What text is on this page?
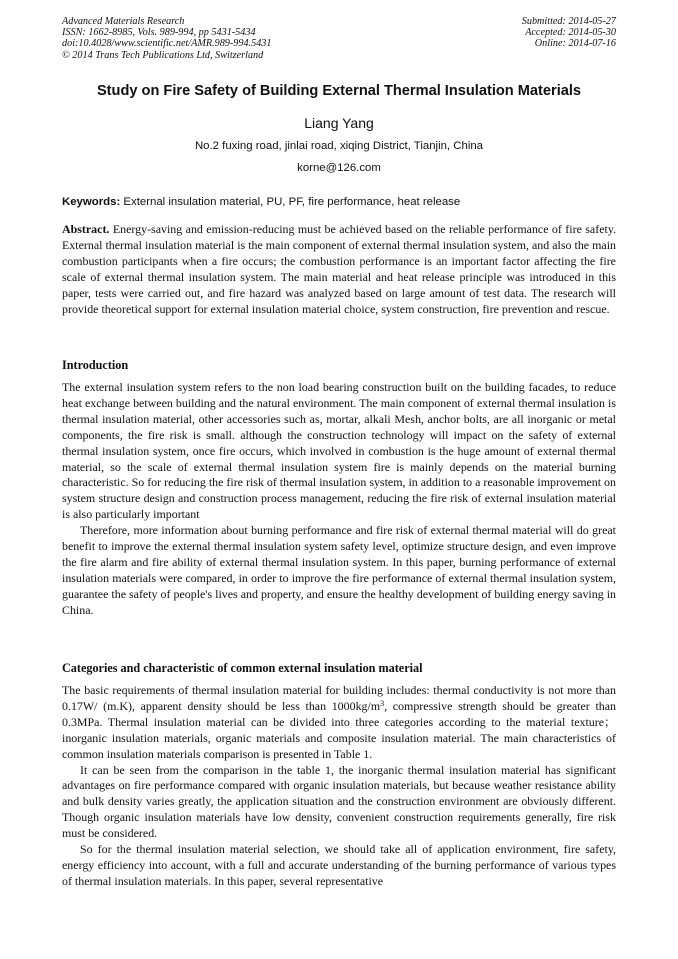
Advanced Materials Research
ISSN: 1662-8985, Vols. 989-994, pp 5431-5434
doi:10.4028/www.scientific.net/AMR.989-994.5431
© 2014 Trans Tech Publications Ltd, Switzerland
Submitted: 2014-05-27
Accepted: 2014-05-30
Online: 2014-07-16
Study on Fire Safety of Building External Thermal Insulation Materials
Liang Yang
No.2 fuxing road, jinlai road, xiqing District, Tianjin, China
korne@126.com
Keywords: External insulation material, PU, PF, fire performance, heat release

Abstract. Energy-saving and emission-reducing must be achieved based on the reliable performance of fire safety. External thermal insulation material is the main component of external thermal insulation system, and also the main combustion participants when a fire occurs; the combustion performance is an important factor affecting the fire scale of external thermal insulation system. The main material and heat release principle was introduced in this paper, tests were carried out, and fire hazard was analyzed based on large amount of test data. The research will provide theoretical support for external insulation material choice, system construction, fire prevention and rescue.

Introduction

The external insulation system refers to the non load bearing construction built on the building facades, to reduce heat exchange between building and the natural environment. The main component of external thermal insulation is thermal insulation material, other accessories such as, mortar, alkali Mesh, anchor bolts, are all inorganic or metal components, the fire risk is small. although the construction technology will impact on the safety of external thermal insulation system, once fire occurs, which involved in combustion is the huge amount of external thermal material, so the scale of external thermal insulation system fire is mainly depends on the material burning characteristic. So for reducing the fire risk of thermal insulation system, in addition to a reasonable improvement on system structure design and construction process management, reducing the fire risk of external insulation material is also particularly important

Therefore, more information about burning performance and fire risk of external thermal material will do great benefit to improve the external thermal insulation system safety level, optimize structure design, and even improve the fire alarm and fire ability of external thermal insulation system. In this paper, burning performance of external insulation materials were compared, in order to improve the fire performance of external thermal insulation system, guarantee the safety of people's lives and property, and ensure the healthy development of building energy saving in China.

Categories and characteristic of common external insulation material

The basic requirements of thermal insulation material for building includes: thermal conductivity is not more than 0.17W/ (m.K), apparent density should be less than $1000kg/m^3$, compressive strength should be greater than 0.3MPa. Thermal insulation material can be divided into three categories according to the material texture；inorganic insulation materials, organic materials and composite insulation material. The main characteristics of common insulation materials comparison is presented in Table 1.

It can be seen from the comparison in the table 1, the inorganic thermal insulation material has significant advantages on fire performance compared with organic insulation materials, but because weather resistance ability and bulk density varies greatly, the application situation and the construction environment are obviously different. Though organic insulation materials have low density, convenient construction requirements generally, fire risk must be considered.

So for the thermal insulation material selection, we should take all of application environment, fire safety, energy efficiency into account, with a full and accurate understanding of the burning performance of various types of thermal insulation materials. In this paper, several representative
